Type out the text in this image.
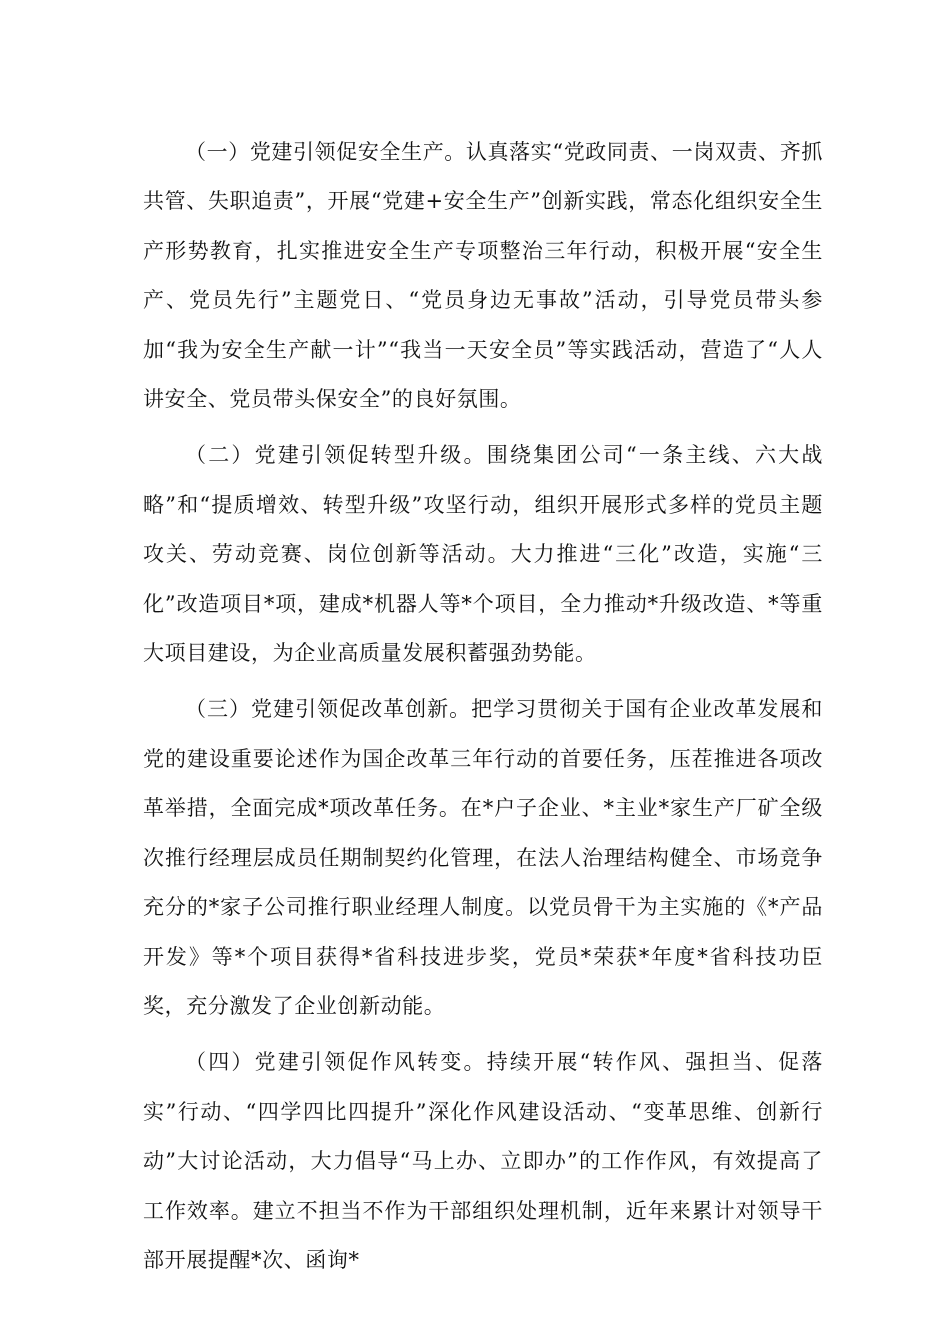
（一）党建引领促安全生产。认真落实“党政同责、一岗双责、齐抓共管、失职追责”，开展“党建+安全生产”创新实践，常态化组织安全生产形势教育，扎实推进安全生产专项整治三年行动，积极开展“安全生产、党员先行”主题党日、“党员身边无事故”活动，引导党员带头参加“我为安全生产献一计”“我当一天安全员”等实践活动，营造了“人人讲安全、党员带头保安全”的良好氛围。

（二）党建引领促转型升级。围绕集团公司“一条主线、六大战略”和“提质增效、转型升级”攻坚行动，组织开展形式多样的党员主题攻关、劳动竞赛、岗位创新等活动。大力推进“三化”改造，实施“三化”改造项目*项，建成*机器人等*个项目，全力推动*升级改造、*等重大项目建设，为企业高质量发展积蓄强劲势能。

（三）党建引领促改革创新。把学习贯彻关于国有企业改革发展和党的建设重要论述作为国企改革三年行动的首要任务，压茬推进各项改革举措，全面完成*项改革任务。在*户子企业、*主业*家生产厂矿全级次推行经理层成员任期制契约化管理，在法人治理结构健全、市场竞争充分的*家子公司推行职业经理人制度。以党员骨干为主实施的《*产品开发》等*个项目获得*省科技进步奖，党员*荣获*年度*省科技功臣奖，充分激发了企业创新动能。

（四）党建引领促作风转变。持续开展“转作风、强担当、促落实”行动、“四学四比四提升”深化作风建设活动、“变革思维、创新行动”大讨论活动，大力倡导“马上办、立即办”的工作作风，有效提高了工作效率。建立不担当不作为干部组织处理机制，近年来累计对领导干部开展提醒*次、函询*
